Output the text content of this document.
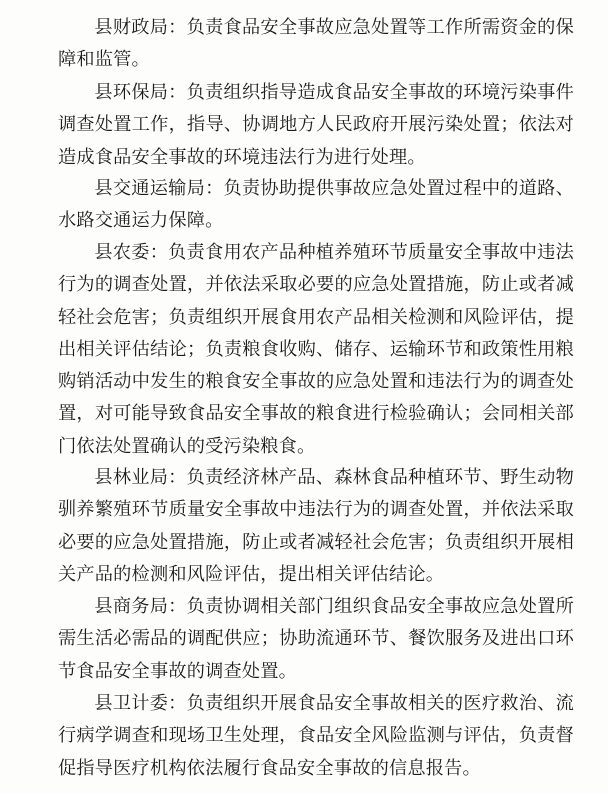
县财政局：负责食品安全事故应急处置等工作所需资金的保障和监管。

县环保局：负责组织指导造成食品安全事故的环境污染事件调查处置工作，指导、协调地方人民政府开展污染处置；依法对造成食品安全事故的环境违法行为进行处理。

县交通运输局：负责协助提供事故应急处置过程中的道路、水路交通运力保障。

县农委：负责食用农产品种植养殖环节质量安全事故中违法行为的调查处置，并依法采取必要的应急处置措施，防止或者减轻社会危害；负责组织开展食用农产品相关检测和风险评估，提出相关评估结论；负责粮食收购、储存、运输环节和政策性用粮购销活动中发生的粮食安全事故的应急处置和违法行为的调查处置，对可能导致食品安全事故的粮食进行检验确认；会同相关部门依法处置确认的受污染粮食。

县林业局：负责经济林产品、森林食品种植环节、野生动物驯养繁殖环节质量安全事故中违法行为的调查处置，并依法采取必要的应急处置措施，防止或者减轻社会危害；负责组织开展相关产品的检测和风险评估，提出相关评估结论。

县商务局：负责协调相关部门组织食品安全事故应急处置所需生活必需品的调配供应；协助流通环节、餐饮服务及进出口环节食品安全事故的调查处置。

县卫计委：负责组织开展食品安全事故相关的医疗救治、流行病学调查和现场卫生处理，食品安全风险监测与评估，负责督促指导医疗机构依法履行食品安全事故的信息报告。
